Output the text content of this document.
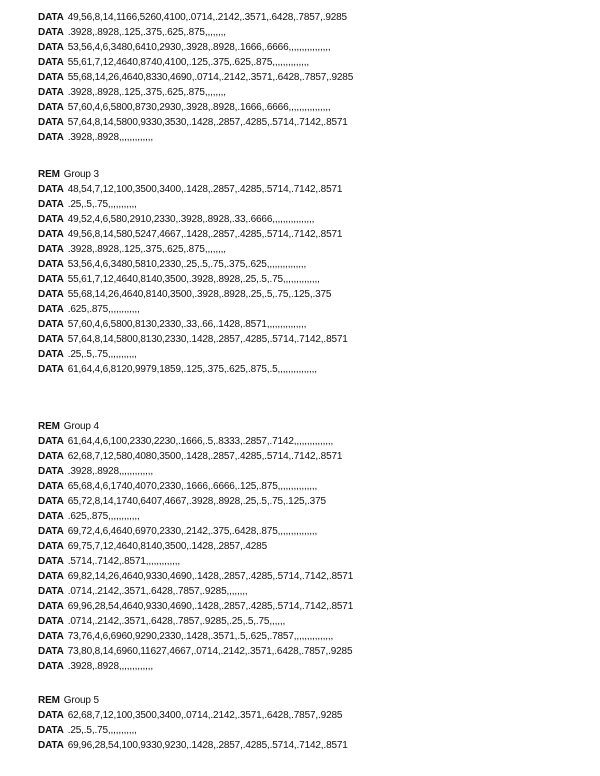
DATA 49,56,8,14,1166,5260,4100,.0714,.2142,.3571,.6428,.7857,.9285
DATA .3928,.8928,.125,.375,.625,.875,,,,,,,,
DATA 53,56,4,6,3480,6410,2930,.3928,.8928,.1666,.6666,,,,,,,,,,,,,,,,
DATA 55,61,7,12,4640,8740,4100,.125,.375,.625,.875,,,,,,,,,,,,,,
DATA 55,68,14,26,4640,8330,4690,.0714,.2142,.3571,.6428,.7857,.9285
DATA .3928,.8928,.125,.375,.625,.875,,,,,,,,
DATA 57,60,4,6,5800,8730,2930,.3928,.8928,.1666,.6666,,,,,,,,,,,,,,,,
DATA 57,64,8,14,5800,9330,3530,.1428,.2857,.4285,.5714,.7142,.8571
DATA .3928,.8928,,,,,,,,,,,,,
REM Group 3
DATA 48,54,7,12,100,3500,3400,.1428,.2857,.4285,.5714,.7142,.8571
DATA .25,.5,.75,,,,,,,,,,,
DATA 49,52,4,6,580,2910,2330,.3928,.8928,.33,.6666,,,,,,,,,,,,,,,,
DATA 49,56,8,14,580,5247,4667,.1428,.2857,.4285,.5714,.7142,.8571
DATA .3928,.8928,.125,.375,.625,.875,,,,,,,,
DATA 53,56,4,6,3480,5810,2330,.25,.5,.75,.375,.625,,,,,,,,,,,,,,,
DATA 55,61,7,12,4640,8140,3500,.3928,.8928,.25,.5,.75,,,,,,,,,,,,,,
DATA 55,68,14,26,4640,8140,3500,.3928,.8928,.25,.5,.75,.125,.375
DATA .625,.875,,,,,,,,,,,,
DATA 57,60,4,6,5800,8130,2330,.33,.66,.1428,.8571,,,,,,,,,,,,,,,
DATA 57,64,8,14,5800,8130,2330,.1428,.2857,.4285,.5714,.7142,.8571
DATA .25,.5,.75,,,,,,,,,,,
DATA 61,64,4,6,8120,9979,1859,.125,.375,.625,.875,.5,,,,,,,,,,,,,,,
REM Group 4
DATA 61,64,4,6,100,2330,2230,.1666,.5,.8333,.2857,.7142,,,,,,,,,,,,,,,
DATA 62,68,7,12,580,4080,3500,.1428,.2857,.4285,.5714,.7142,.8571
DATA .3928,.8928,,,,,,,,,,,,,
DATA 65,68,4,6,1740,4070,2330,.1666,.6666,.125,.875,,,,,,,,,,,,,,,
DATA 65,72,8,14,1740,6407,4667,.3928,.8928,.25,.5,.75,.125,.375
DATA .625,.875,,,,,,,,,,,,
DATA 69,72,4,6,4640,6970,2330,.2142,.375,.6428,.875,,,,,,,,,,,,,,,
DATA 69,75,7,12,4640,8140,3500,.1428,.2857,.4285
DATA .5714,.7142,.8571,,,,,,,,,,,,,
DATA 69,82,14,26,4640,9330,4690,.1428,.2857,.4285,.5714,.7142,.8571
DATA .0714,.2142,.3571,.6428,.7857,.9285,,,,,,,,
DATA 69,96,28,54,4640,9330,4690,.1428,.2857,.4285,.5714,.7142,.8571
DATA .0714,.2142,.3571,.6428,.7857,.9285,.25,.5,.75,,,,,,
DATA 73,76,4,6,6960,9290,2330,.1428,.3571,.5,.625,.7857,,,,,,,,,,,,,,,
DATA 73,80,8,14,6960,11627,4667,.0714,.2142,.3571,.6428,.7857,.9285
DATA .3928,.8928,,,,,,,,,,,,,
REM Group 5
DATA 62,68,7,12,100,3500,3400,.0714,.2142,.3571,.6428,.7857,.9285
DATA .25,.5,.75,,,,,,,,,,,
DATA 69,96,28,54,100,9330,9230,.1428,.2857,.4285,.5714,.7142,.8571
